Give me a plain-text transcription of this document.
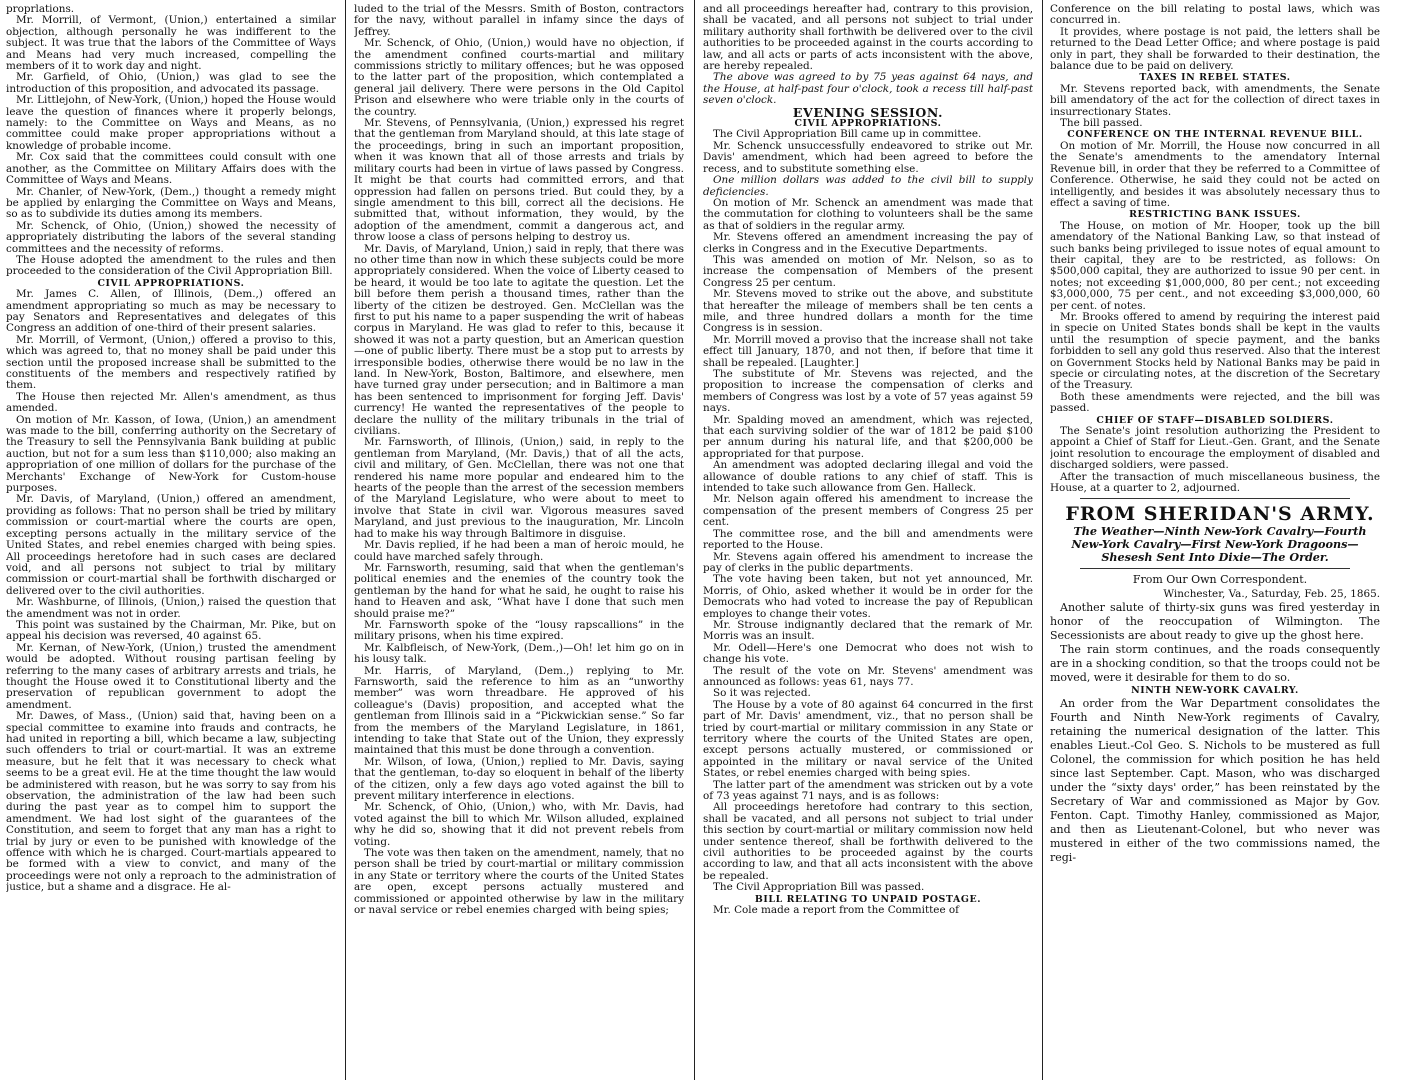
proprlations.

Mr. Morrill, of Vermont, (Union,) entertained a similar objection, although personally he was indifferent to the subject. It was true that the labors of the Committee of Ways and Means had very much increased, compelling the members of it to work day and night.

Mr. Garfield, of Ohio, (Union,) was glad to see the introduction of this proposition, and advocated its passage.

Mr. Littlejohn, of New-York, (Union,) hoped the House would leave the question of finances where it properly belongs, namely: to the Committee on Ways and Means, as no committee could make proper appropriations without a knowledge of probable income.

Mr. Cox said that the committees could consult with one another, as the Committee on Military Affairs does with the Committee of Ways and Means.

Mr. Chanler, of New-York, (Dem.,) thought a remedy might be applied by enlarging the Committee on Ways and Means, so as to subdivide its duties among its members.

Mr. Schenck, of Ohio, (Union,) showed the necessity of appropriately distributing the labors of the several standing committees and the necessity of reforms.

The House adopted the amendment to the rules and then proceeded to the consideration of the Civil Appropriation Bill.

CIVIL APPROPRIATIONS.

Mr. James C. Allen, of Illinois, (Dem.,) offered an amendment appropriating so much as may be necessary to pay Senators and Representatives and delegates of this Congress an addition of one-third of their present salaries.

Mr. Morrill, of Vermont, (Union,) offered a proviso to this, which was agreed to, that no money shall be paid under this section until the proposed increase shall be submitted to the constituents of the members and respectively ratified by them.

The House then rejected Mr. Allen's amendment, as thus amended.

On motion of Mr. Kasson, of Iowa, (Union,) an amendment was made to the bill, conferring authority on the Secretary of the Treasury to sell the Pennsylvania Bank building at public auction, but not for a sum less than $110,000; also making an appropriation of one million of dollars for the purchase of the Merchants' Exchange of New-York for Custom-house purposes.

Mr. Davis, of Maryland, (Union,) offered an amendment, providing as follows: That no person shall be tried by military commission or court-martial where the courts are open, excepting persons actually in the military service of the United States, and rebel enemies charged with being spies. All proceedings heretofore had in such cases are declared void, and all persons not subject to trial by military commission or court-martial shall be forthwith discharged or delivered over to the civil authorities.

Mr. Washburne, of Illinois, (Union,) raised the question that the amendment was not in order.

This point was sustained by the Chairman, Mr. Pike, but on appeal his decision was reversed, 40 against 65.

Mr. Kernan, of New-York, (Union,) trusted the amendment would be adopted. Without rousing partisan feeling by referring to the many cases of arbitrary arrests and trials, he thought the House owed it to Constitutional liberty and the preservation of republican government to adopt the amendment.

Mr. Dawes, of Mass., (Union) said that, having been on a special committee to examine into frauds and contracts, he had united in reporting a bill, which became a law, subjecting such offenders to trial or court-martial. It was an extreme measure, but he felt that it was necessary to check what seems to be a great evil. He at the time thought the law would be administered with reason, but he was sorry to say from his observation, the administration of the law had been such during the past year as to compel him to support the amendment. We had lost sight of the guarantees of the Constitution, and seem to forget that any man has a right to trial by jury or even to be punished with knowledge of the offence with which he is charged. Court-martials appeared to be formed with a view to convict, and many of the proceedings were not only a reproach to the administration of justice, but a shame and a disgrace. He al-

luded to the trial of the Messrs. Smith of Boston, contractors for the navy, without parallel in infamy since the days of Jeffrey.

Mr. Schenck, of Ohio, (Union,) would have no objection, if the amendment confined courts-martial and military commissions strictly to military offences; but he was opposed to the latter part of the proposition, which contemplated a general jail delivery. There were persons in the Old Capitol Prison and elsewhere who were triable only in the courts of the country.

Mr. Stevens, of Pennsylvania, (Union,) expressed his regret that the gentleman from Maryland should, at this late stage of the proceedings, bring in such an important proposition, when it was known that all of those arrests and trials by military courts had been in virtue of laws passed by Congress. It might be that courts had committed errors, and that oppression had fallen on persons tried. But could they, by a single amendment to this bill, correct all the decisions. He submitted that, without information, they would, by the adoption of the amendment, commit a dangerous act, and throw loose a class of persons helping to destroy us.

Mr. Davis, of Maryland, Union,) said in reply, that there was no other time than now in which these subjects could be more appropriately considered. When the voice of Liberty ceased to be heard, it would be too late to agitate the question. Let the bill before them perish a thousand times, rather than the liberty of the citizen be destroyed. Gen. McClellan was the first to put his name to a paper suspending the writ of habeas corpus in Maryland. He was glad to refer to this, because it showed it was not a party question, but an American question—one of public liberty. There must be a stop put to arrests by irresponsible bodies, otherwise there would be no law in the land. In New-York, Boston, Baltimore, and elsewhere, men have turned gray under persecution; and in Baltimore a man has been sentenced to imprisonment for forging Jeff. Davis' currency! He wanted the representatives of the people to declare the nullity of the military tribunals in the trial of civilians.

Mr. Farnsworth, of Illinois, (Union,) said, in reply to the gentleman from Maryland, (Mr. Davis,) that of all the acts, civil and military, of Gen. McClellan, there was not one that rendered his name more popular and endeared him to the hearts of the people than the arrest of the secession members of the Maryland Legislature, who were about to meet to involve that State in civil war. Vigorous measures saved Maryland, and just previous to the inauguration, Mr. Lincoln had to make his way through Baltimore in disguise.

Mr. Davis replied, if he had been a man of heroic mould, he could have marched safely through.

Mr. Farnsworth, resuming, said that when the gentleman's political enemies and the enemies of the country took the gentleman by the hand for what he said, he ought to raise his hand to Heaven and ask, “What have I done that such men should praise me?”

Mr. Farnsworth spoke of the “lousy rapscallions” in the military prisons, when his time expired.

Mr. Kalbfleisch, of New-York, (Dem.,)—Oh! let him go on in his lousy talk.

Mr. Harris, of Maryland, (Dem.,) replying to Mr. Farnsworth, said the reference to him as an “unworthy member” was worn threadbare. He approved of his colleague's (Davis) proposition, and accepted what the gentleman from Illinois said in a “Pickwickian sense.” So far from the members of the Maryland Legislature, in 1861, intending to take that State out of the Union, they expressly maintained that this must be done through a convention.

Mr. Wilson, of Iowa, (Union,) replied to Mr. Davis, saying that the gentleman, to-day so eloquent in behalf of the liberty of the citizen, only a few days ago voted against the bill to prevent military interference in elections.

Mr. Schenck, of Ohio, (Union,) who, with Mr. Davis, had voted against the bill to which Mr. Wilson alluded, explained why he did so, showing that it did not prevent rebels from voting.

The vote was then taken on the amendment, namely, that no person shall be tried by court-martial or military commission in any State or territory where the courts of the United States are open, except persons actually mustered and commissioned or appointed otherwise by law in the military or naval service or rebel enemies charged with being spies;

and all proceedings hereafter had, contrary to this provision, shall be vacated, and all persons not subject to trial under military authority shall forthwith be delivered over to the civil authorities to be proceeded against in the courts according to law, and all acts or parts of acts inconsistent with the above, are hereby repealed.

The above was agreed to by 75 yeas against 64 nays, and the House, at half-past four o'clock, took a recess till half-past seven o'clock.

EVENING SESSION.

CIVIL APPROPRIATIONS.

The Civil Appropriation Bill came up in committee.

Mr. Schenck unsuccessfully endeavored to strike out Mr. Davis' amendment, which had been agreed to before the recess, and to substitute something else.

One million dollars was added to the civil bill to supply deficiencies.

On motion of Mr. Schenck an amendment was made that the commutation for clothing to volunteers shall be the same as that of soldiers in the regular army.

Mr. Stevens offered an amendment increasing the pay of clerks in Congress and in the Executive Departments.

This was amended on motion of Mr. Nelson, so as to increase the compensation of Members of the present Congress 25 per centum.

Mr. Stevens moved to strike out the above, and substitute that hereafter the mileage of members shall be ten cents a mile, and three hundred dollars a month for the time Congress is in session.

Mr. Morrill moved a proviso that the increase shall not take effect till January, 1870, and not then, if before that time it shall be repealed. [Laughter.]

The substitute of Mr. Stevens was rejected, and the proposition to increase the compensation of clerks and members of Congress was lost by a vote of 57 yeas against 59 nays.

Mr. Spalding moved an amendment, which was rejected, that each surviving soldier of the war of 1812 be paid $100 per annum during his natural life, and that $200,000 be appropriated for that purpose.

An amendment was adopted declaring illegal and void the allowance of double rations to any chief of staff. This is intended to take such allowance from Gen. Halleck.

Mr. Nelson again offered his amendment to increase the compensation of the present members of Congress 25 per cent.

The committee rose, and the bill and amendments were reported to the House.

Mr. Stevens again offered his amendment to increase the pay of clerks in the public departments.

The vote having been taken, but not yet announced, Mr. Morris, of Ohio, asked whether it would be in order for the Democrats who had voted to increase the pay of Republican employes to change their votes.

Mr. Strouse indignantly declared that the remark of Mr. Morris was an insult.

Mr. Odell—Here's one Democrat who does not wish to change his vote.

The result of the vote on Mr. Stevens' amendment was announced as follows: yeas 61, nays 77.

So it was rejected.

The House by a vote of 80 against 64 concurred in the first part of Mr. Davis' amendment, viz., that no person shall be tried by court-martial or military commission in any State or territory where the courts of the United States are open, except persons actually mustered, or commissioned or appointed in the military or naval service of the United States, or rebel enemies charged with being spies.

The latter part of the amendment was stricken out by a vote of 73 yeas against 71 nays, and is as follows:

All proceedings heretofore had contrary to this section, shall be vacated, and all persons not subject to trial under this section by court-martial or military commission now held under sentence thereof, shall be forthwith delivered to the civil authorities to be proceeded against by the courts according to law, and that all acts inconsistent with the above be repealed.

The Civil Appropriation Bill was passed.

BILL RELATING TO UNPAID POSTAGE.

Mr. Cole made a report from the Committee of

Conference on the bill relating to postal laws, which was concurred in.

It provides, where postage is not paid, the letters shall be returned to the Dead Letter Office; and where postage is paid only in part, they shall be forwarded to their destination, the balance due to be paid on delivery.

TAXES IN REBEL STATES.

Mr. Stevens reported back, with amendments, the Senate bill amendatory of the act for the collection of direct taxes in insurrectionary States.

The bill passed.

CONFERENCE ON THE INTERNAL REVENUE BILL.

On motion of Mr. Morrill, the House now concurred in all the Senate's amendments to the amendatory Internal Revenue bill, in order that they be referred to a Committee of Conference. Otherwise, he said they could not be acted on intelligently, and besides it was absolutely necessary thus to effect a saving of time.

RESTRICTING BANK ISSUES.

The House, on motion of Mr. Hooper, took up the bill amendatory of the National Banking Law, so that instead of such banks being privileged to issue notes of equal amount to their capital, they are to be restricted, as follows: On $500,000 capital, they are authorized to issue 90 per cent. in notes; not exceeding $1,000,000, 80 per cent.; not exceeding $3,000,000, 75 per cent., and not exceeding $3,000,000, 60 per cent. of notes.

Mr. Brooks offered to amend by requiring the interest paid in specie on United States bonds shall be kept in the vaults until the resumption of specie payment, and the banks forbidden to sell any gold thus reserved. Also that the interest on Government Stocks held by National Banks may be paid in specie or circulating notes, at the discretion of the Secretary of the Treasury.

Both these amendments were rejected, and the bill was passed.

CHIEF OF STAFF—DISABLED SOLDIERS.

The Senate's joint resolution authorizing the President to appoint a Chief of Staff for Lieut.-Gen. Grant, and the Senate joint resolution to encourage the employment of disabled and discharged soldiers, were passed.

After the transaction of much miscellaneous business, the House, at a quarter to 2, adjourned.

FROM SHERIDAN'S ARMY.

The Weather—Ninth New-York Cavalry—Fourth New-York Cavalry—First New-York Dragoons—Shesesh Sent Into Dixie—The Order.

From Our Own Correspondent.

Winchester, Va., Saturday, Feb. 25, 1865.

Another salute of thirty-six guns was fired yesterday in honor of the reoccupation of Wilmington. The Secessionists are about ready to give up the ghost here.

The rain storm continues, and the roads consequently are in a shocking condition, so that the troops could not be moved, were it desirable for them to do so.

NINTH NEW-YORK CAVALRY.

An order from the War Department consolidates the Fourth and Ninth New-York regiments of Cavalry, retaining the numerical designation of the latter. This enables Lieut.-Col Geo. S. Nichols to be mustered as full Colonel, the commission for which position he has held since last September. Capt. Mason, who was discharged under the “sixty days' order,” has been reinstated by the Secretary of War and commissioned as Major by Gov. Fenton. Capt. Timothy Hanley, commissioned as Major, and then as Lieutenant-Colonel, but who never was mustered in either of the two commissions named, the regi-
